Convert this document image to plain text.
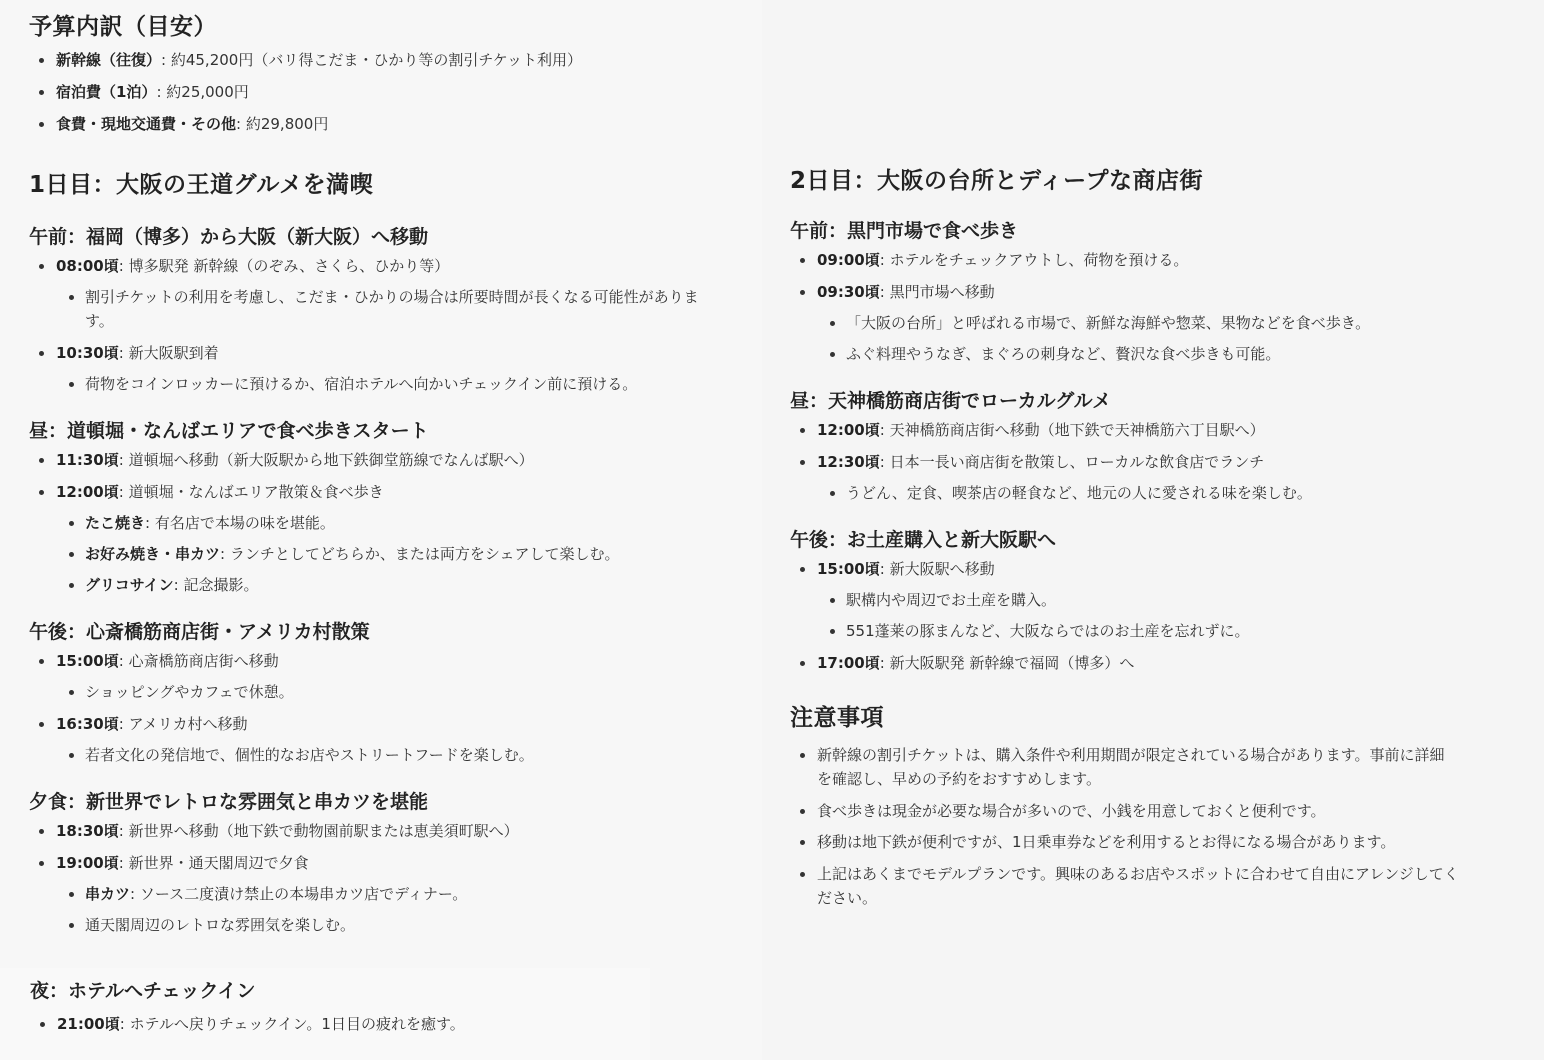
予算内訳（目安）
新幹線（往復）: 約45,200円（バリ得こだま・ひかり等の割引チケット利用）
宿泊費（1泊）: 約25,000円
食費・現地交通費・その他: 約29,800円
1日目：大阪の王道グルメを満喫
午前：福岡（博多）から大阪（新大阪）へ移動
08:00頃: 博多駅発 新幹線（のぞみ、さくら、ひかり等）
割引チケットの利用を考慮し、こだま・ひかりの場合は所要時間が長くなる可能性がありま
す。
10:30頃: 新大阪駅到着
荷物をコインロッカーに預けるか、宿泊ホテルへ向かいチェックイン前に預ける。
昼：道頓堀・なんばエリアで食べ歩きスタート
11:30頃: 道頓堀へ移動（新大阪駅から地下鉄御堂筋線でなんば駅へ）
12:00頃: 道頓堀・なんばエリア散策＆食べ歩き
たこ焼き: 有名店で本場の味を堪能。
お好み焼き・串カツ: ランチとしてどちらか、または両方をシェアして楽しむ。
グリコサイン: 記念撮影。
午後：心斎橋筋商店街・アメリカ村散策
15:00頃: 心斎橋筋商店街へ移動
ショッピングやカフェで休憩。
16:30頃: アメリカ村へ移動
若者文化の発信地で、個性的なお店やストリートフードを楽しむ。
夕食：新世界でレトロな雰囲気と串カツを堪能
18:30頃: 新世界へ移動（地下鉄で動物園前駅または恵美須町駅へ）
19:00頃: 新世界・通天閣周辺で夕食
串カツ: ソース二度漬け禁止の本場串カツ店でディナー。
通天閣周辺のレトロな雰囲気を楽しむ。
夜：ホテルへチェックイン
21:00頃: ホテルへ戻りチェックイン。1日目の疲れを癒す。
2日目：大阪の台所とディープな商店街
午前：黒門市場で食べ歩き
09:00頃: ホテルをチェックアウトし、荷物を預ける。
09:30頃: 黒門市場へ移動
「大阪の台所」と呼ばれる市場で、新鮮な海鮮や惣菜、果物などを食べ歩き。
ふぐ料理やうなぎ、まぐろの刺身など、贅沢な食べ歩きも可能。
昼：天神橋筋商店街でローカルグルメ
12:00頃: 天神橋筋商店街へ移動（地下鉄で天神橋筋六丁目駅へ）
12:30頃: 日本一長い商店街を散策し、ローカルな飲食店でランチ
うどん、定食、喫茶店の軽食など、地元の人に愛される味を楽しむ。
午後：お土産購入と新大阪駅へ
15:00頃: 新大阪駅へ移動
駅構内や周辺でお土産を購入。
551蓬莱の豚まんなど、大阪ならではのお土産を忘れずに。
17:00頃: 新大阪駅発 新幹線で福岡（博多）へ
注意事項
新幹線の割引チケットは、購入条件や利用期間が限定されている場合があります。事前に詳細
を確認し、早めの予約をおすすめします。
食べ歩きは現金が必要な場合が多いので、小銭を用意しておくと便利です。
移動は地下鉄が便利ですが、1日乗車券などを利用するとお得になる場合があります。
上記はあくまでモデルプランです。興味のあるお店やスポットに合わせて自由にアレンジしてく
ださい。
